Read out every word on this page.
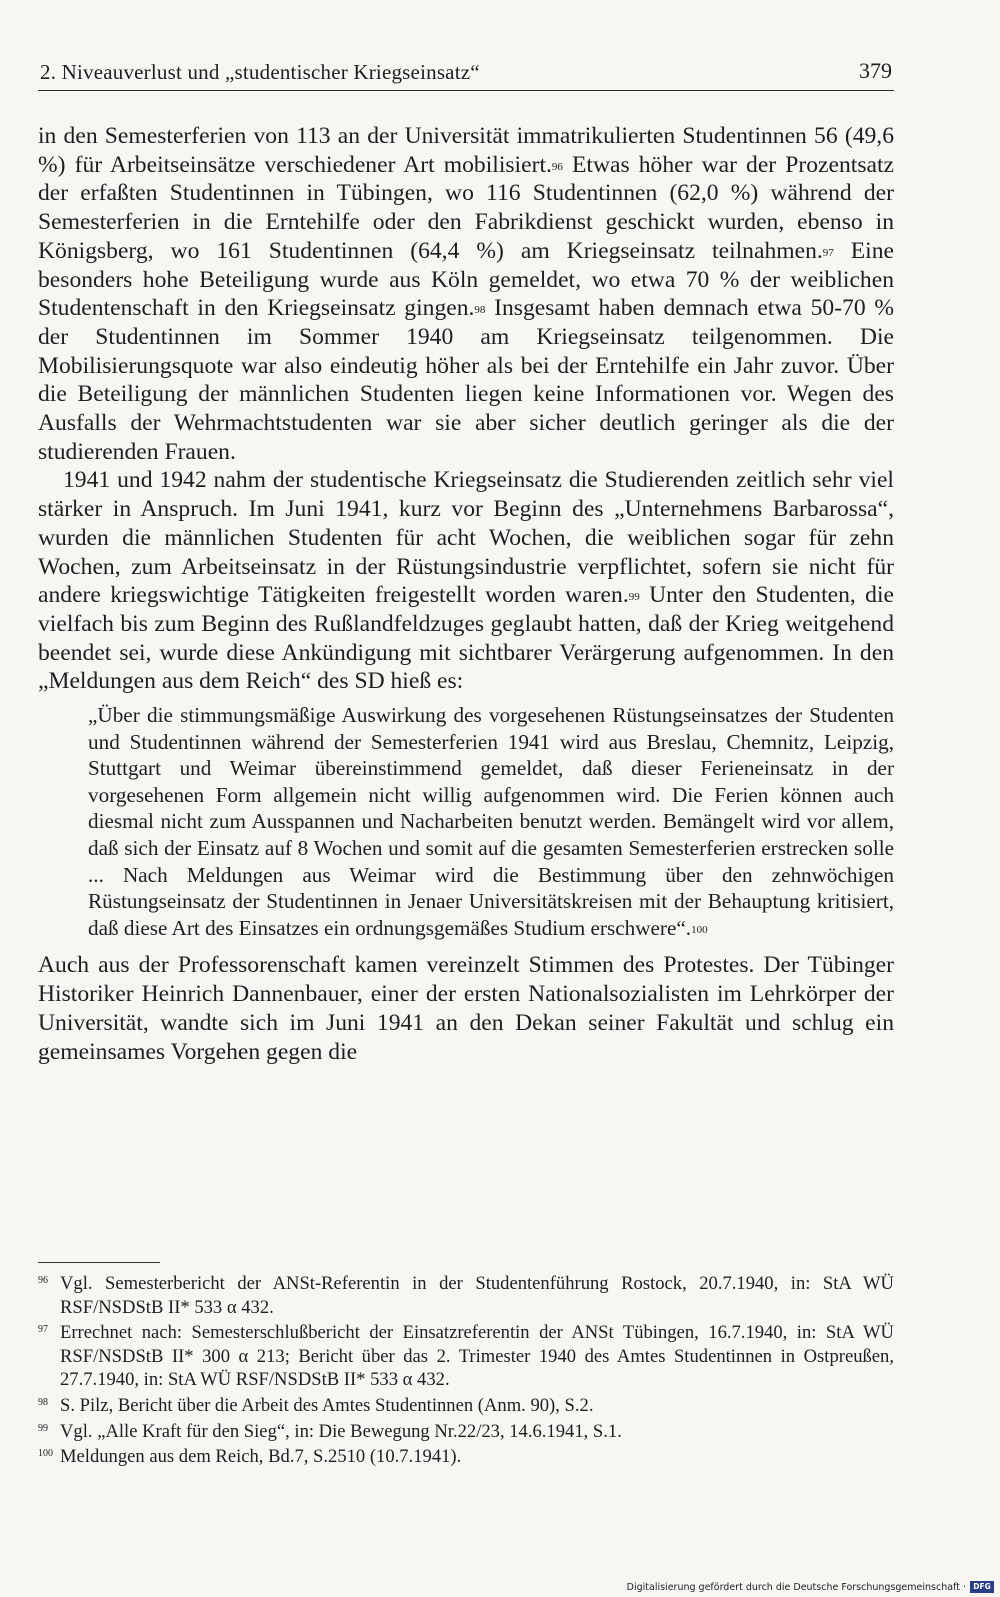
2. Niveauverlust und „studentischer Kriegseinsatz“	379

in den Semesterferien von 113 an der Universität immatrikulierten Studentinnen 56 (49,6 %) für Arbeitseinsätze verschiedener Art mobilisiert.$^{96}$ Etwas höher war der Prozentsatz der erfaßten Studentinnen in Tübingen, wo 116 Studentinnen (62,0 %) während der Semesterferien in die Erntehilfe oder den Fabrikdienst geschickt wurden, ebenso in Königsberg, wo 161 Studentinnen (64,4 %) am Kriegseinsatz teilnahmen.$^{97}$ Eine besonders hohe Beteiligung wurde aus Köln gemeldet, wo etwa 70 % der weiblichen Studentenschaft in den Kriegseinsatz gingen.$^{98}$ Insgesamt haben demnach etwa 50-70 % der Studentinnen im Sommer 1940 am Kriegseinsatz teilgenommen. Die Mobilisierungsquote war also eindeutig höher als bei der Erntehilfe ein Jahr zuvor. Über die Beteiligung der männlichen Studenten liegen keine Informationen vor. Wegen des Ausfalls der Wehrmachtstudenten war sie aber sicher deutlich geringer als die der studierenden Frauen.

1941 und 1942 nahm der studentische Kriegseinsatz die Studierenden zeitlich sehr viel stärker in Anspruch. Im Juni 1941, kurz vor Beginn des „Unternehmens Barbarossa“, wurden die männlichen Studenten für acht Wochen, die weiblichen sogar für zehn Wochen, zum Arbeitseinsatz in der Rüstungsindustrie verpflichtet, sofern sie nicht für andere kriegswichtige Tätigkeiten freigestellt worden waren.$^{99}$ Unter den Studenten, die vielfach bis zum Beginn des Rußlandfeldzuges geglaubt hatten, daß der Krieg weitgehend beendet sei, wurde diese Ankündigung mit sichtbarer Verärgerung aufgenommen. In den „Meldungen aus dem Reich“ des SD hieß es:

„Über die stimmungsmäßige Auswirkung des vorgesehenen Rüstungseinsatzes der Studenten und Studentinnen während der Semesterferien 1941 wird aus Breslau, Chemnitz, Leipzig, Stuttgart und Weimar übereinstimmend gemeldet, daß dieser Ferieneinsatz in der vorgesehenen Form allgemein nicht willig aufgenommen wird. Die Ferien können auch diesmal nicht zum Ausspannen und Nacharbeiten benutzt werden. Bemängelt wird vor allem, daß sich der Einsatz auf 8 Wochen und somit auf die gesamten Semesterferien erstrecken solle ... Nach Meldungen aus Weimar wird die Bestimmung über den zehnwöchigen Rüstungseinsatz der Studentinnen in Jenaer Universitätskreisen mit der Behauptung kritisiert, daß diese Art des Einsatzes ein ordnungsgemäßes Studium erschwere“.$^{100}$

Auch aus der Professorenschaft kamen vereinzelt Stimmen des Protestes. Der Tübinger Historiker Heinrich Dannenbauer, einer der ersten Nationalsozialisten im Lehrkörper der Universität, wandte sich im Juni 1941 an den Dekan seiner Fakultät und schlug ein gemeinsames Vorgehen gegen die

96 Vgl. Semesterbericht der ANSt-Referentin in der Studentenführung Rostock, 20.7.1940, in: StA WÜ RSF/NSDStB II* 533 α 432.
97 Errechnet nach: Semesterschlußbericht der Einsatzreferentin der ANSt Tübingen, 16.7.1940, in: StA WÜ RSF/NSDStB II* 300 α 213; Bericht über das 2. Trimester 1940 des Amtes Studentinnen in Ostpreußen, 27.7.1940, in: StA WÜ RSF/NSDStB II* 533 α 432.
98 S. Pilz, Bericht über die Arbeit des Amtes Studentinnen (Anm. 90), S.2.
99 Vgl. „Alle Kraft für den Sieg“, in: Die Bewegung Nr.22/23, 14.6.1941, S.1.
100 Meldungen aus dem Reich, Bd.7, S.2510 (10.7.1941).
Digitalisierung gefördert durch die Deutsche Forschungsgemeinschaft · DFG
